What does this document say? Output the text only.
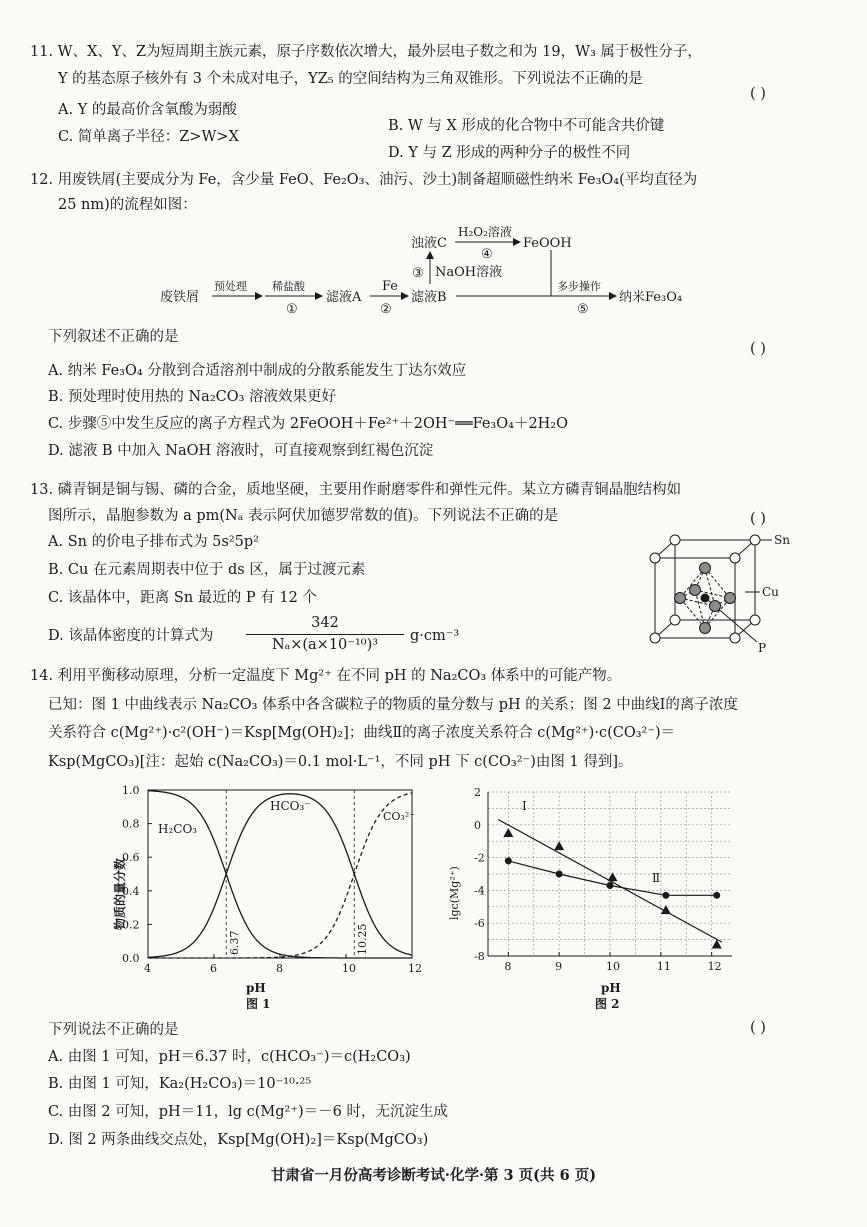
11. W、X、Y、Z为短周期主族元素，原子序数依次增大，最外层电子数之和为 19，W₃ 属于极性分子，
Y 的基态原子核外有 3 个未成对电子，YZ₅ 的空间结构为三角双锥形。下列说法不正确的是
( )
A. Y 的最高价含氧酸为弱酸
B. W 与 X 形成的化合物中不可能含共价键
C. 简单离子半径：Z>W>X
D. Y 与 Z 形成的两种分子的极性不同
12. 用废铁屑(主要成分为 Fe，含少量 FeO、Fe₂O₃、油污、沙土)制备超顺磁性纳米 Fe₃O₄(平均直径为
25 nm)的流程如图：
废铁屑
预处理 稀盐酸
①
滤液A
Fe
②
滤液B
③ NaOH溶液
浊液C
H₂O₂溶液
④
FeOOH
多步操作
⑤
纳米Fe₃O₄
下列叙述不正确的是
( )
A. 纳米 Fe₃O₄ 分散到合适溶剂中制成的分散系能发生丁达尔效应
B. 预处理时使用热的 Na₂CO₃ 溶液效果更好
C. 步骤⑤中发生反应的离子方程式为 2FeOOH＋Fe²⁺＋2OH⁻══Fe₃O₄＋2H₂O
D. 滤液 B 中加入 NaOH 溶液时，可直接观察到红褐色沉淀
13. 磷青铜是铜与锡、磷的合金，质地坚硬，主要用作耐磨零件和弹性元件。某立方磷青铜晶胞结构如
图所示，晶胞参数为 a pm(Nₐ 表示阿伏加德罗常数的值)。下列说法不正确的是	( )
A. Sn 的价电子排布式为 5s²5p²
B. Cu 在元素周期表中位于 ds 区，属于过渡元素
C. 该晶体中，距离 Sn 最近的 P 有 12 个
D. 该晶体密度的计算式为
342
Nₐ×(a×10⁻¹⁰)³
g·cm⁻³
Sn
Cu
P
14. 利用平衡移动原理，分析一定温度下 Mg²⁺ 在不同 pH 的 Na₂CO₃ 体系中的可能产物。
已知：图 1 中曲线表示 Na₂CO₃ 体系中各含碳粒子的物质的量分数与 pH 的关系；图 2 中曲线Ⅰ的离子浓度
关系符合 c(Mg²⁺)·c²(OH⁻)＝Ksp[Mg(OH)₂]；曲线Ⅱ的离子浓度关系符合 c(Mg²⁺)·c(CO₃²⁻)＝
Ksp(MgCO₃)[注：起始 c(Na₂CO₃)＝0.1 mol·L⁻¹，不同 pH 下 c(CO₃²⁻)由图 1 得到]。
4	6	8	10	12
0.0
0.2
0.4
0.6
0.8
1.0
H₂CO₃
HCO₃⁻
CO₃²⁻
6.37	10.25
pH
图 1
物质的量分数
8	9	10	11	12
2
0
-2
-4
-6
-8
Ⅰ
Ⅱ
pH
图 2
lgc(Mg²⁺)
下列说法不正确的是	( )
A. 由图 1 可知，pH＝6.37 时，c(HCO₃⁻)＝c(H₂CO₃)
B. 由图 1 可知，Ka₂(H₂CO₃)＝10⁻¹⁰·²⁵
C. 由图 2 可知，pH＝11，lg c(Mg²⁺)＝－6 时，无沉淀生成
D. 图 2 两条曲线交点处，Ksp[Mg(OH)₂]＝Ksp(MgCO₃)
甘肃省一月份高考诊断考试·化学·第 3 页(共 6 页)
